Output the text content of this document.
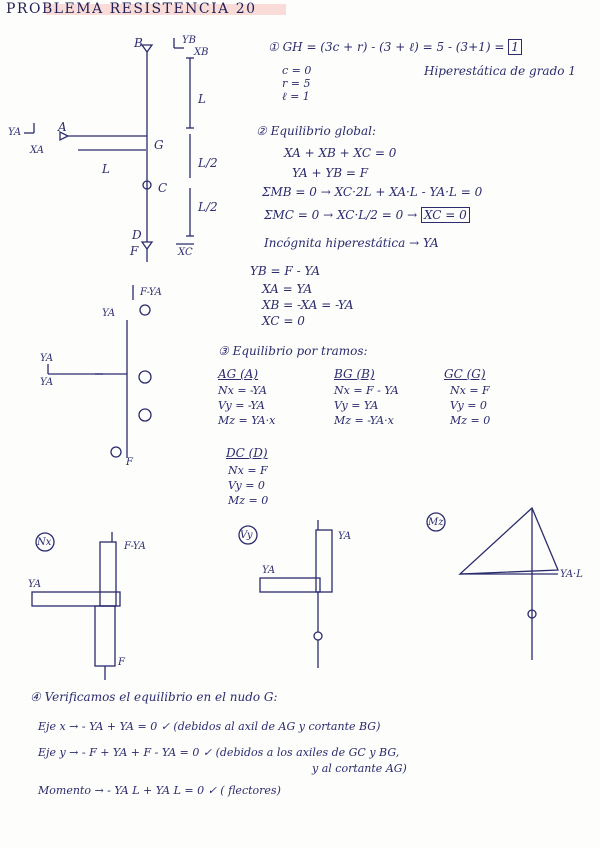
PROBLEMA RESISTENCIA 20
B	YB
XB
L
A
YA
XA	G
L	L/2
C
L/2
D
F	XC
① GH = (3c + r) - (3 + ℓ) = 5 - (3+1) = 1
Hiperestática de grado 1
c = 0
r = 5
ℓ = 1
② Equilibrio global:
XA + XB + XC = 0
YA + YB = F
ΣMB = 0 → XC·2L + XA·L - YA·L = 0
ΣMC = 0 → XC·L/2 = 0 → XC = 0
Incógnita hiperestática → YA
YB = F - YA
XA = YA
XB = -XA = -YA
XC = 0
F-YA
YA
YA
YA
F
③ Equilibrio por tramos:
AG (A)
Nx = -YA
Vy = -YA
Mz = YA·x
BG (B)
Nx = F - YA
Vy = YA
Mz = -YA·x
GC (G)
Nx = F
Vy = 0
Mz = 0
DC (D)
Nx = F
Vy = 0
Mz = 0
Nx	F-YA
YA
F
Vy	YA
YA
Mz
YA·L
④ Verificamos el equilibrio en el nudo G:
Eje x → - YA + YA = 0 ✓ (debidos al axil de AG y cortante BG)
Eje y → - F + YA + F - YA = 0 ✓ (debidos a los axiles de GC y BG,
y al cortante AG)
Momento → - YA L + YA L = 0 ✓ ( flectores)
